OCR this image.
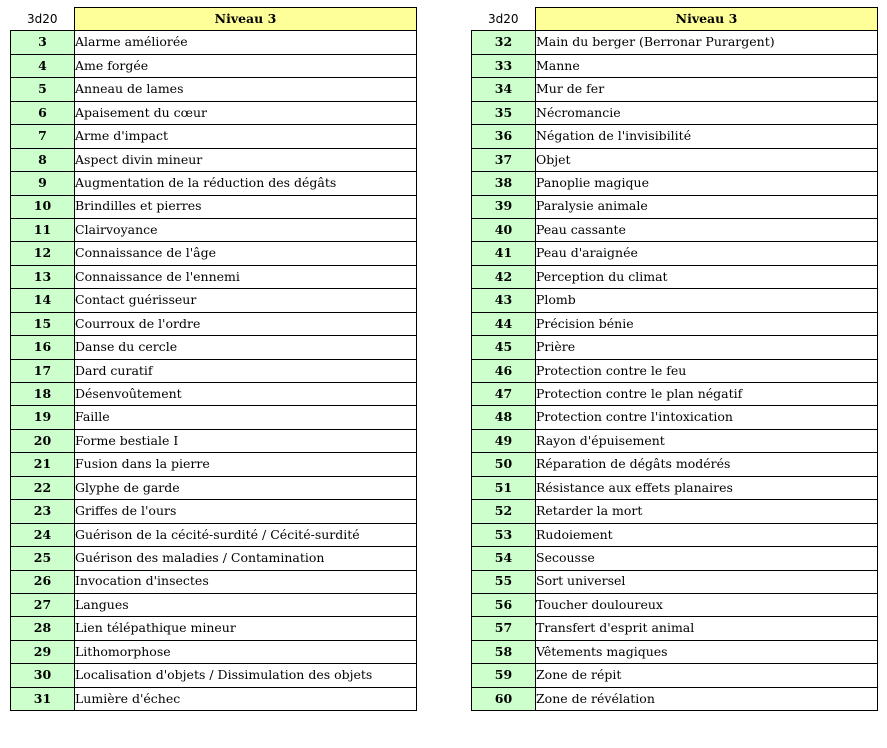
3d20	Niveau 3
3	Alarme améliorée
4	Ame forgée
5	Anneau de lames
6	Apaisement du cœur
7	Arme d'impact
8	Aspect divin mineur
9	Augmentation de la réduction des dégâts
10	Brindilles et pierres
11	Clairvoyance
12	Connaissance de l'âge
13	Connaissance de l'ennemi
14	Contact guérisseur
15	Courroux de l'ordre
16	Danse du cercle
17	Dard curatif
18	Désenvoûtement
19	Faille
20	Forme bestiale I
21	Fusion dans la pierre
22	Glyphe de garde
23	Griffes de l'ours
24	Guérison de la cécité-surdité / Cécité-surdité
25	Guérison des maladies / Contamination
26	Invocation d'insectes
27	Langues
28	Lien télépathique mineur
29	Lithomorphose
30	Localisation d'objets / Dissimulation des objets
31	Lumière d'échec
3d20	Niveau 3
32	Main du berger (Berronar Purargent)
33	Manne
34	Mur de fer
35	Nécromancie
36	Négation de l'invisibilité
37	Objet
38	Panoplie magique
39	Paralysie animale
40	Peau cassante
41	Peau d'araignée
42	Perception du climat
43	Plomb
44	Précision bénie
45	Prière
46	Protection contre le feu
47	Protection contre le plan négatif
48	Protection contre l'intoxication
49	Rayon d'épuisement
50	Réparation de dégâts modérés
51	Résistance aux effets planaires
52	Retarder la mort
53	Rudoiement
54	Secousse
55	Sort universel
56	Toucher douloureux
57	Transfert d'esprit animal
58	Vêtements magiques
59	Zone de répit
60	Zone de révélation
